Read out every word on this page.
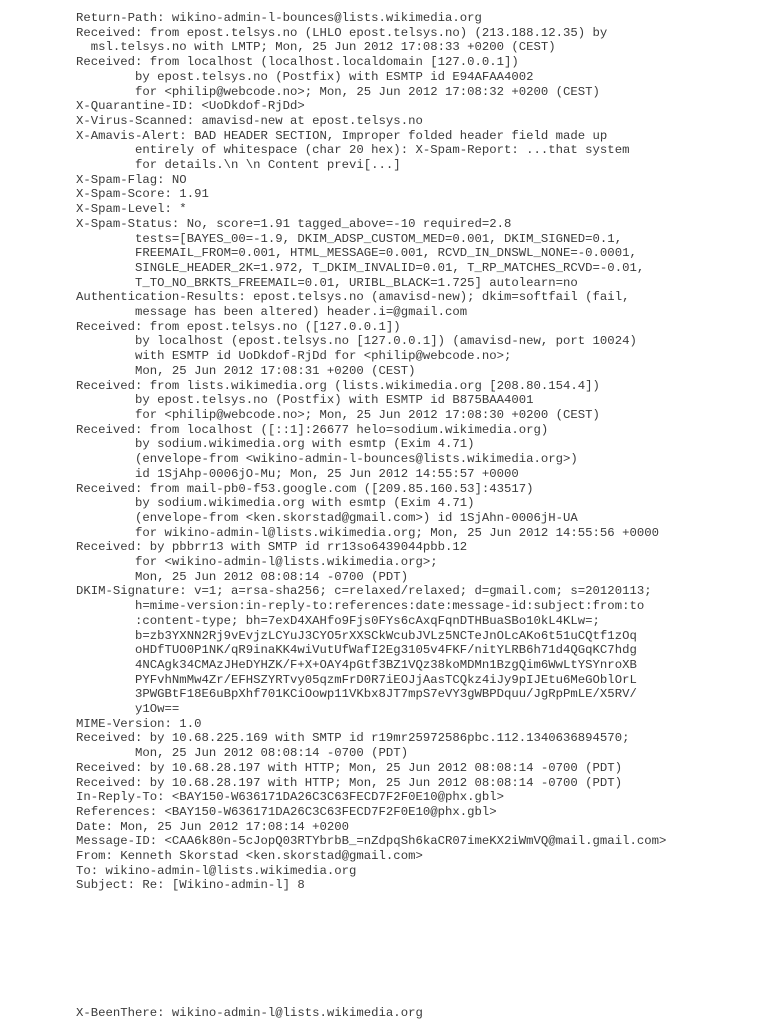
Return-Path: wikino-admin-l-bounces@lists.wikimedia.org
Received: from epost.telsys.no (LHLO epost.telsys.no) (213.188.12.35) by
msl.telsys.no with LMTP; Mon, 25 Jun 2012 17:08:33 +0200 (CEST)
Received: from localhost (localhost.localdomain [127.0.0.1])
by epost.telsys.no (Postfix) with ESMTP id E94AFAA4002
for <philip@webcode.no>; Mon, 25 Jun 2012 17:08:32 +0200 (CEST)
X-Quarantine-ID: <UoDkdof-RjDd>
X-Virus-Scanned: amavisd-new at epost.telsys.no
X-Amavis-Alert: BAD HEADER SECTION, Improper folded header field made up
entirely of whitespace (char 20 hex): X-Spam-Report: ...that system
for details.\n \n Content previ[...]
X-Spam-Flag: NO
X-Spam-Score: 1.91
X-Spam-Level: *
X-Spam-Status: No, score=1.91 tagged_above=-10 required=2.8
tests=[BAYES_00=-1.9, DKIM_ADSP_CUSTOM_MED=0.001, DKIM_SIGNED=0.1,
FREEMAIL_FROM=0.001, HTML_MESSAGE=0.001, RCVD_IN_DNSWL_NONE=-0.0001,
SINGLE_HEADER_2K=1.972, T_DKIM_INVALID=0.01, T_RP_MATCHES_RCVD=-0.01,
T_TO_NO_BRKTS_FREEMAIL=0.01, URIBL_BLACK=1.725] autolearn=no
Authentication-Results: epost.telsys.no (amavisd-new); dkim=softfail (fail,
message has been altered) header.i=@gmail.com
Received: from epost.telsys.no ([127.0.0.1])
by localhost (epost.telsys.no [127.0.0.1]) (amavisd-new, port 10024)
with ESMTP id UoDkdof-RjDd for <philip@webcode.no>;
Mon, 25 Jun 2012 17:08:31 +0200 (CEST)
Received: from lists.wikimedia.org (lists.wikimedia.org [208.80.154.4])
by epost.telsys.no (Postfix) with ESMTP id B875BAA4001
for <philip@webcode.no>; Mon, 25 Jun 2012 17:08:30 +0200 (CEST)
Received: from localhost ([::1]:26677 helo=sodium.wikimedia.org)
by sodium.wikimedia.org with esmtp (Exim 4.71)
(envelope-from <wikino-admin-l-bounces@lists.wikimedia.org>)
id 1SjAhp-0006jO-Mu; Mon, 25 Jun 2012 14:55:57 +0000
Received: from mail-pb0-f53.google.com ([209.85.160.53]:43517)
by sodium.wikimedia.org with esmtp (Exim 4.71)
(envelope-from <ken.skorstad@gmail.com>) id 1SjAhn-0006jH-UA
for wikino-admin-l@lists.wikimedia.org; Mon, 25 Jun 2012 14:55:56 +0000
Received: by pbbrr13 with SMTP id rr13so6439044pbb.12
for <wikino-admin-l@lists.wikimedia.org>;
Mon, 25 Jun 2012 08:08:14 -0700 (PDT)
DKIM-Signature: v=1; a=rsa-sha256; c=relaxed/relaxed; d=gmail.com; s=20120113;
h=mime-version:in-reply-to:references:date:message-id:subject:from:to
:content-type; bh=7exD4XAHfo9Fjs0FYs6cAxqFqnDTHBuaSBo10kL4KLw=;
b=zb3YXNN2Rj9vEvjzLCYuJ3CYO5rXXSCkWcubJVLz5NCTeJnOLcAKo6t51uCQtf1zOq
oHDfTUO0P1NK/qR9inaKK4wiVutUfWafI2Eg3105v4FKF/nitYLRB6h71d4QGqKC7hdg
4NCAgk34CMAzJHeDYHZK/F+X+OAY4pGtf3BZ1VQz38koMDMn1BzgQim6WwLtYSYnroXB
PYFvhNmMw4Zr/EFHSZYRTvy05qzmFrD0R7iEOJjAasTCQkz4iJy9pIJEtu6MeGOblOrL
3PWGBtF18E6uBpXhf701KCiOowp11VKbx8JT7mpS7eVY3gWBPDquu/JgRpPmLE/X5RV/
y1Ow==
MIME-Version: 1.0
Received: by 10.68.225.169 with SMTP id r19mr25972586pbc.112.1340636894570;
Mon, 25 Jun 2012 08:08:14 -0700 (PDT)
Received: by 10.68.28.197 with HTTP; Mon, 25 Jun 2012 08:08:14 -0700 (PDT)
Received: by 10.68.28.197 with HTTP; Mon, 25 Jun 2012 08:08:14 -0700 (PDT)
In-Reply-To: <BAY150-W636171DA26C3C63FECD7F2F0E10@phx.gbl>
References: <BAY150-W636171DA26C3C63FECD7F2F0E10@phx.gbl>
Date: Mon, 25 Jun 2012 17:08:14 +0200
Message-ID: <CAA6k80n-5cJopQ03RTYbrbB_=nZdpqSh6kaCR07imeKX2iWmVQ@mail.gmail.com>
From: Kenneth Skorstad <ken.skorstad@gmail.com>
To: wikino-admin-l@lists.wikimedia.org
Subject: Re: [Wikino-admin-l] 8
X-BeenThere: wikino-admin-l@lists.wikimedia.org
